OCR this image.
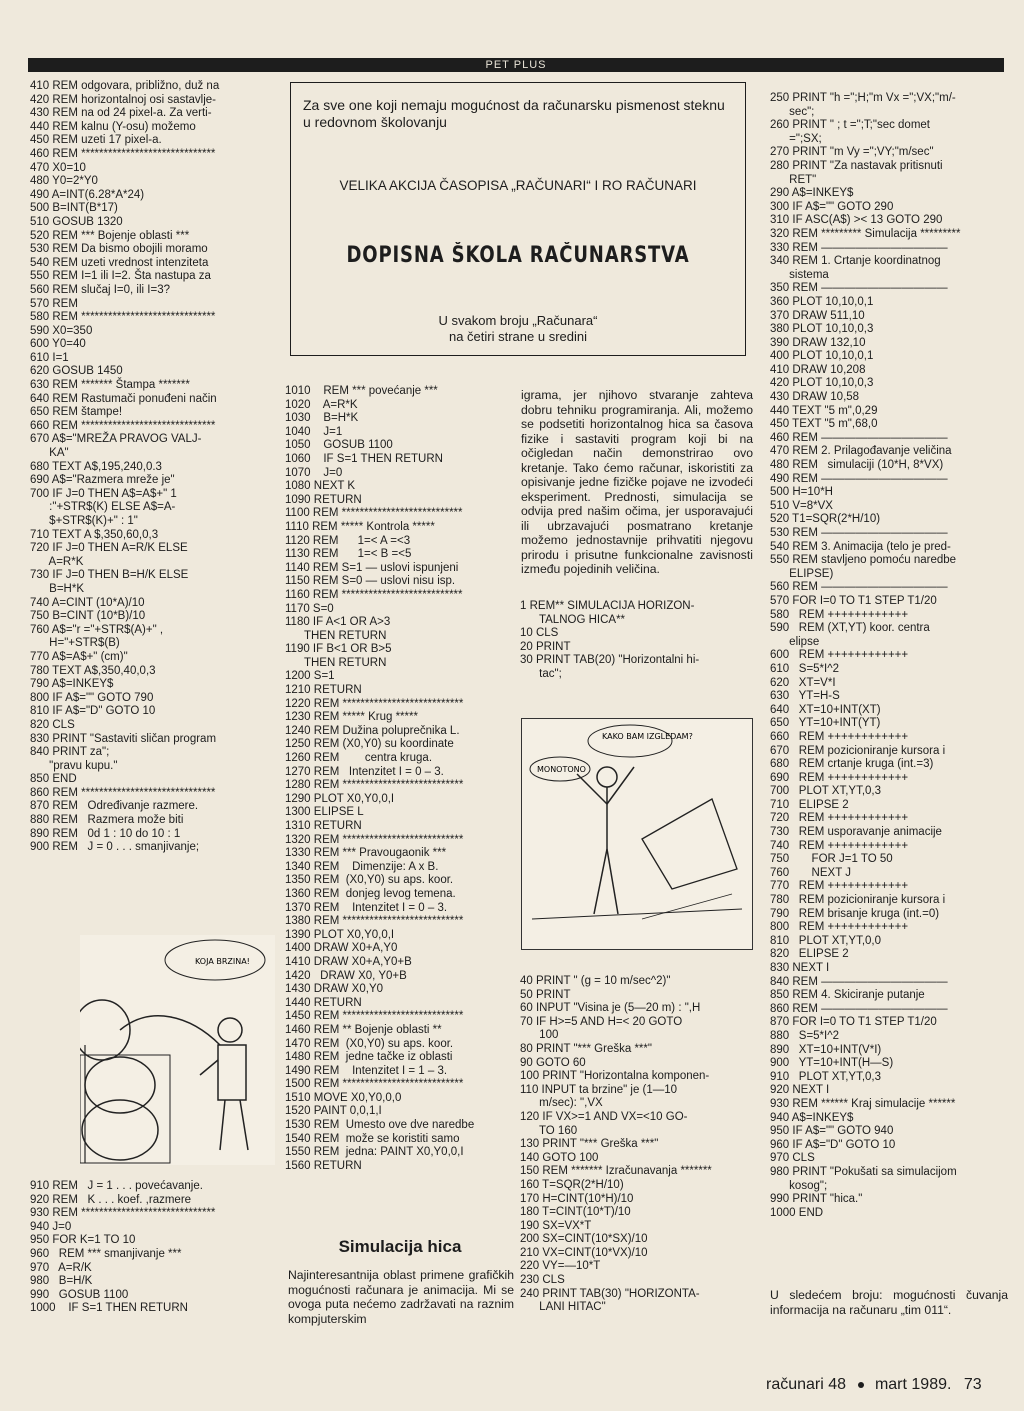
PET PLUS
410 REM odgovara, približno, duž na
420 REM horizontalnoj osi sastavlje-
430 REM na od 24 pixel-a. Za verti-
440 REM kalnu (Y-osu) možemo
450 REM uzeti 17 pixel-a.
460 REM ******************************
470 X0=10
480 Y0=2*Y0
490 A=INT(6.28*A*24)
500 B=INT(B*17)
510 GOSUB 1320
520 REM *** Bojenje oblasti ***
530 REM Da bismo obojili moramo
540 REM uzeti vrednost intenziteta
550 REM I=1 ili I=2. Šta nastupa za
560 REM slučaj I=0, ili I=3?
570 REM
580 REM ******************************
590 X0=350
600 Y0=40
610 I=1
620 GOSUB 1450
630 REM ******* Štampa *******
640 REM Rastumači ponuđeni način
650 REM štampe!
660 REM ******************************
670 A$="MREŽA PRAVOG VALJ-
KA"
680 TEXT A$,195,240,0.3
690 A$="Razmera mreže je"
700 IF J=0 THEN A$=A$+" 1
:"+STR$(K) ELSE A$=A-
$+STR$(K)+" : 1"
710 TEXT A $,350,60,0,3
720 IF J=0 THEN A=R/K ELSE
A=R*K
730 IF J=0 THEN B=H/K ELSE
B=H*K
740 A=CINT (10*A)/10
750 B=CINT (10*B)/10
760 A$="r ="+STR$(A)+" ,
H="+STR$(B)
770 A$=A$+" (cm)"
780 TEXT A$,350,40,0,3
790 A$=INKEY$
800 IF A$="" GOTO 790
810 IF A$="D" GOTO 10
820 CLS
830 PRINT "Sastaviti sličan program
840 PRINT za";
"pravu kupu."
850 END
860 REM ******************************
870 REM   Određivanje razmere.
880 REM   Razmera može biti
890 REM   0d 1 : 10 do 10 : 1
900 REM   J = 0 . . . smanjivanje;
KOJA BRZINA!
910 REM   J = 1 . . . povećavanje.
920 REM   K . . . koef. ,razmere
930 REM ******************************
940 J=0
950 FOR K=1 TO 10
960   REM *** smanjivanje ***
970   A=R/K
980   B=H/K
990   GOSUB 1100
1000    IF S=1 THEN RETURN
Za sve one koji nemaju mogućnost da računarsku pismenost steknu u redovnom školovanju
VELIKA AKCIJA ČASOPISA „RAČUNARI“ I RO RAČUNARI
DOPISNA ŠKOLA RAČUNARSTVA
U svakom broju „Računara“
na četiri strane u sredini
1010    REM *** povećanje ***
1020    A=R*K
1030    B=H*K
1040    J=1
1050    GOSUB 1100
1060    IF S=1 THEN RETURN
1070    J=0
1080 NEXT K
1090 RETURN
1100 REM ***************************
1110 REM ***** Kontrola *****
1120 REM      1=< A =<3
1130 REM      1=< B =<5
1140 REM S=1 — uslovi ispunjeni
1150 REM S=0 — uslovi nisu isp.
1160 REM ***************************
1170 S=0
1180 IF A<1 OR A>3
THEN RETURN
1190 IF B<1 OR B>5
THEN RETURN
1200 S=1
1210 RETURN
1220 REM ***************************
1230 REM ***** Krug *****
1240 REM Dužina poluprečnika L.
1250 REM (X0,Y0) su koordinate
1260 REM        centra kruga.
1270 REM   Intenzitet I = 0 – 3.
1280 REM ***************************
1290 PLOT X0,Y0,0,I
1300 ELIPSE L
1310 RETURN
1320 REM ***************************
1330 REM *** Pravougaonik ***
1340 REM    Dimenzije: A x B.
1350 REM  (X0,Y0) su aps. koor.
1360 REM  donjeg levog temena.
1370 REM    Intenzitet I = 0 – 3.
1380 REM ***************************
1390 PLOT X0,Y0,0,I
1400 DRAW X0+A,Y0
1410 DRAW X0+A,Y0+B
1420   DRAW X0, Y0+B
1430 DRAW X0,Y0
1440 RETURN
1450 REM ***************************
1460 REM ** Bojenje oblasti **
1470 REM  (X0,Y0) su aps. koor.
1480 REM  jedne tačke iz oblasti
1490 REM    Intenzitet I = 1 – 3.
1500 REM ***************************
1510 MOVE X0,Y0,0,0
1520 PAINT 0,0,1,I
1530 REM  Umesto ove dve naredbe
1540 REM  može se koristiti samo
1550 REM  jedna: PAINT X0,Y0,0,I
1560 RETURN
Simulacija hica
Najinteresantnija oblast primene grafičkih mogućnosti računara je animacija. Mi se ovoga puta nećemo zadržavati na raznim kompjuterskim
igrama, jer njihovo stvaranje zahteva dobru tehniku programiranja. Ali, možemo se podsetiti horizontalnog hica sa časova fizike i sastaviti program koji bi na očigledan način demonstrirao ovo kretanje. Tako ćemo računar, iskoristiti za opisivanje jedne fizičke pojave ne izvodeći eksperiment. Prednosti, simulacija se odvija pred našim očima, jer usporavajući ili ubrzavajući posmatrano kretanje možemo jednostavnije prihvatiti njegovu prirodu i prisutne funkcionalne zavisnosti između pojedinih veličina.
1 REM** SIMULACIJA HORIZON-
TALNOG HICA**
10 CLS
20 PRINT
30 PRINT TAB(20) "Horizontalni hi-
tac";
KAKO BAM IZGLEDAM?
MONOTONO
40 PRINT " (g = 10 m/sec^2)"
50 PRINT
60 INPUT "Visina je (5—20 m) : ",H
70 IF H>=5 AND H=< 20 GOTO
100
80 PRINT "*** Greška ***"
90 GOTO 60
100 PRINT "Horizontalna komponen-
110 INPUT ta brzine" je (1—10
m/sec): ",VX
120 IF VX>=1 AND VX=<10 GO-
TO 160
130 PRINT "*** Greška ***"
140 GOTO 100
150 REM ******* Izračunavanja *******
160 T=SQR(2*H/10)
170 H=CINT(10*H)/10
180 T=CINT(10*T)/10
190 SX=VX*T
200 SX=CINT(10*SX)/10
210 VX=CINT(10*VX)/10
220 VY=—10*T
230 CLS
240 PRINT TAB(30) "HORIZONTA-
LANI HITAC"
250 PRINT "h =";H;"m Vx =";VX;"m/-
sec";
260 PRINT " ; t =";T;"sec domet
=";SX;
270 PRINT "m Vy =";VY;"m/sec"
280 PRINT "Za nastavak pritisnuti
RET"
290 A$=INKEY$
300 IF A$="" GOTO 290
310 IF ASC(A$) >< 13 GOTO 290
320 REM ********* Simulacija *********
330 REM ———————————
340 REM 1. Crtanje koordinatnog
sistema
350 REM ———————————
360 PLOT 10,10,0,1
370 DRAW 511,10
380 PLOT 10,10,0,3
390 DRAW 132,10
400 PLOT 10,10,0,1
410 DRAW 10,208
420 PLOT 10,10,0,3
430 DRAW 10,58
440 TEXT "5 m",0,29
450 TEXT "5 m",68,0
460 REM ———————————
470 REM 2. Prilagođavanje veličina
480 REM   simulaciji (10*H, 8*VX)
490 REM ———————————
500 H=10*H
510 V=8*VX
520 T1=SQR(2*H/10)
530 REM ———————————
540 REM 3. Animacija (telo je pred-
550 REM stavljeno pomoću naredbe
ELIPSE)
560 REM ———————————
570 FOR I=0 TO T1 STEP T1/20
580   REM ++++++++++++
590   REM (XT,YT) koor. centra
elipse
600   REM ++++++++++++
610   S=5*I^2
620   XT=V*I
630   YT=H-S
640   XT=10+INT(XT)
650   YT=10+INT(YT)
660   REM ++++++++++++
670   REM pozicioniranje kursora i
680   REM crtanje kruga (int.=3)
690   REM ++++++++++++
700   PLOT XT,YT,0,3
710   ELIPSE 2
720   REM ++++++++++++
730   REM usporavanje animacije
740   REM ++++++++++++
750       FOR J=1 TO 50
760       NEXT J
770   REM ++++++++++++
780   REM pozicioniranje kursora i
790   REM brisanje kruga (int.=0)
800   REM ++++++++++++
810   PLOT XT,YT,0,0
820   ELIPSE 2
830 NEXT I
840 REM ———————————
850 REM 4. Skiciranje putanje
860 REM ———————————
870 FOR I=0 TO T1 STEP T1/20
880   S=5*I^2
890   XT=10+INT(V*I)
900   YT=10+INT(H—S)
910   PLOT XT,YT,0,3
920 NEXT I
930 REM ****** Kraj simulacije ******
940 A$=INKEY$
950 IF A$="" GOTO 940
960 IF A$="D" GOTO 10
970 CLS
980 PRINT "Pokušati sa simulacijom
kosog";
990 PRINT "hica."
1000 END
U sledećem broju: mogućnosti čuvanja informacija na računaru „tim 011“.
računari 48 mart 1989. 73
